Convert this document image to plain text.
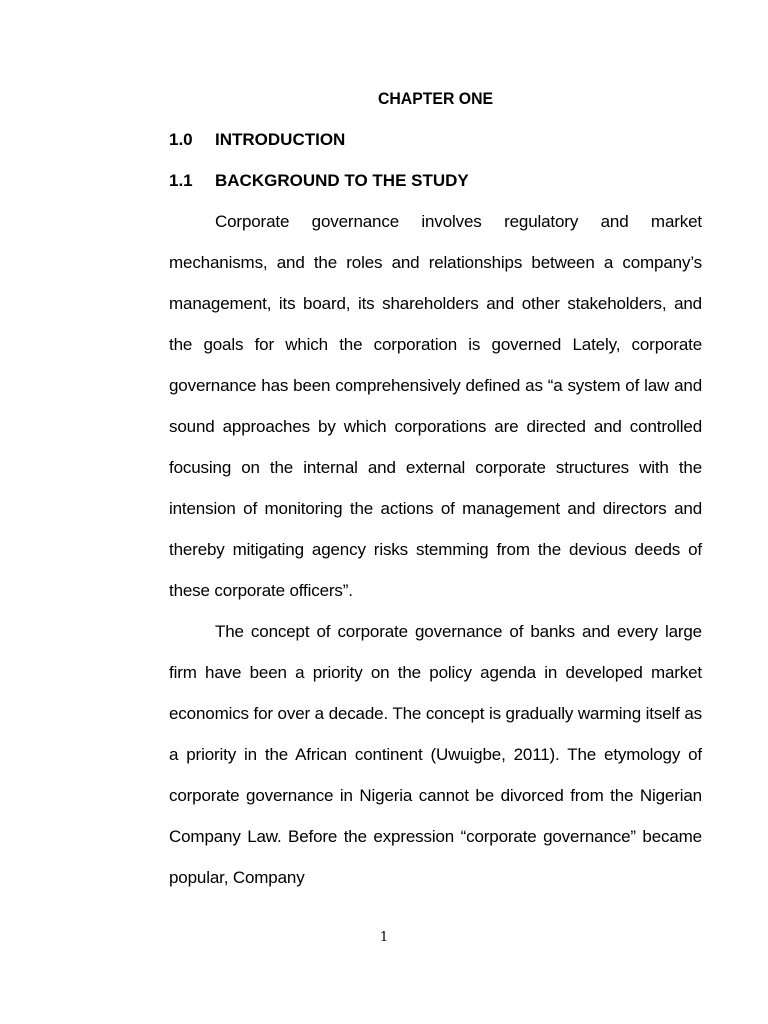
CHAPTER ONE

1.0 INTRODUCTION

1.1 BACKGROUND TO THE STUDY

Corporate governance involves regulatory and market mechanisms, and the roles and relationships between a company’s management, its board, its shareholders and other stakeholders, and the goals for which the corporation is governed Lately, corporate governance has been comprehensively defined as “a system of law and sound approaches by which corporations are directed and controlled focusing on the internal and external corporate structures with the intension of monitoring the actions of management and directors and thereby mitigating agency risks stemming from the devious deeds of these corporate officers”.

The concept of corporate governance of banks and every large firm have been a priority on the policy agenda in developed market economics for over a decade. The concept is gradually warming itself as a priority in the African continent (Uwuigbe, 2011). The etymology of corporate governance in Nigeria cannot be divorced from the Nigerian Company Law. Before the expression “corporate governance” became popular, Company

1
